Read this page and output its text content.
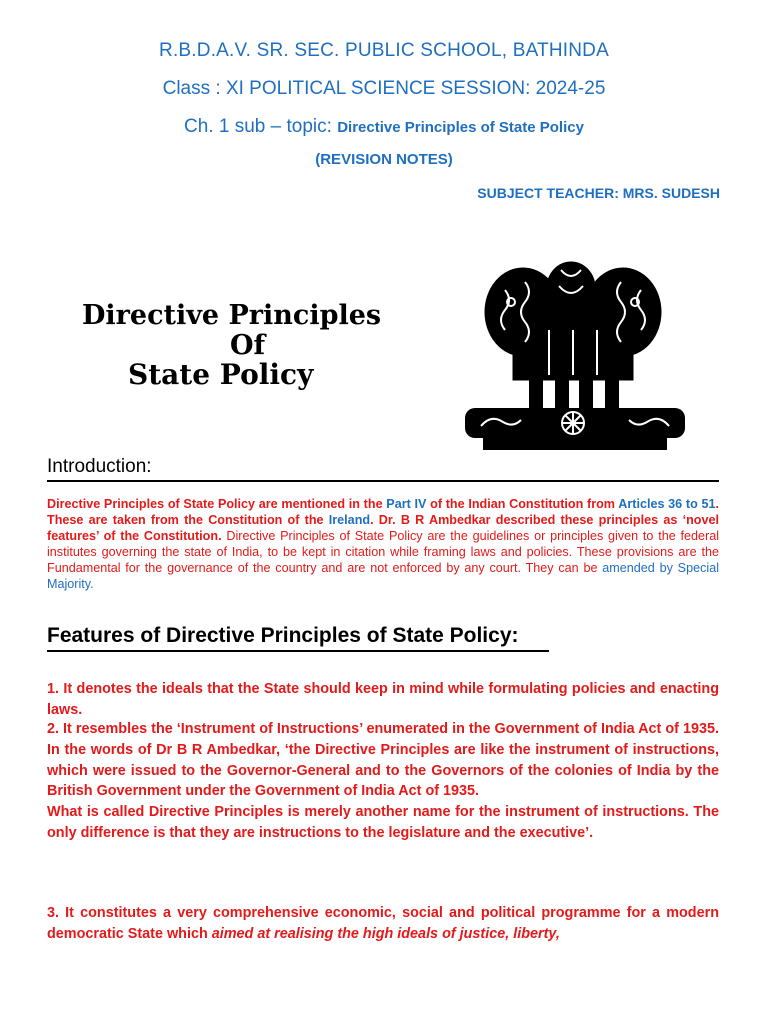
R.B.D.A.V. SR. SEC. PUBLIC SCHOOL, BATHINDA
Class : XI POLITICAL SCIENCE SESSION: 2024-25
Ch. 1 sub – topic: Directive Principles of State Policy
(REVISION NOTES)
SUBJECT TEACHER: MRS. SUDESH
Directive Principles
Of
State Policy
Introduction:
Directive Principles of State Policy are mentioned in the Part IV of the Indian Constitution from Articles 36 to 51. These are taken from the Constitution of the Ireland. Dr. B R Ambedkar described these principles as ‘novel features’ of the Constitution. Directive Principles of State Policy are the guidelines or principles given to the federal institutes governing the state of India, to be kept in citation while framing laws and policies. These provisions are the Fundamental for the governance of the country and are not enforced by any court. They can be amended by Special Majority.
Features of Directive Principles of State Policy:
1. It denotes the ideals that the State should keep in mind while formulating policies and enacting laws.
2. It resembles the ‘Instrument of Instructions’ enumerated in the Government of India Act of 1935. In the words of Dr B R Ambedkar, ‘the Directive Principles are like the instrument of instructions, which were issued to the Governor-General and to the Governors of the colonies of India by the British Government under the Government of India Act of 1935.
What is called Directive Principles is merely another name for the instrument of instructions. The only difference is that they are instructions to the legislature and the executive’.
3. It constitutes a very comprehensive economic, social and political programme for a modern democratic State which aimed at realising the high ideals of justice, liberty,
